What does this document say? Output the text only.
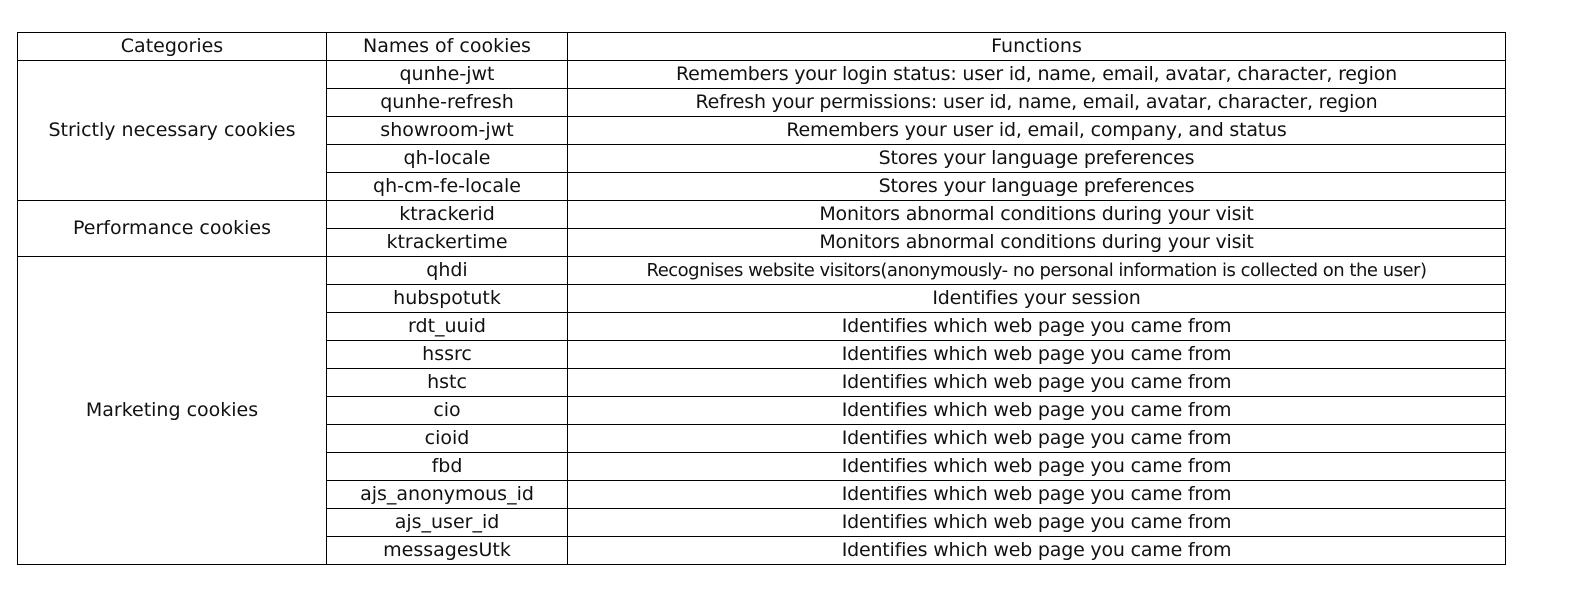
Categories	Names of cookies	Functions
Strictly necessary cookies	qunhe-jwt	Remembers your login status: user id, name, email, avatar, character, region
	qunhe-refresh	Refresh your permissions: user id, name, email, avatar, character, region
	showroom-jwt	Remembers your user id, email, company, and status
	qh-locale	Stores your language preferences
	qh-cm-fe-locale	Stores your language preferences
Performance cookies	ktrackerid	Monitors abnormal conditions during your visit
	ktrackertime	Monitors abnormal conditions during your visit
Marketing cookies	qhdi	Recognises website visitors(anonymously- no personal information is collected on the user)
	hubspotutk	Identifies your session
	rdt_uuid	Identifies which web page you came from
	hssrc	Identifies which web page you came from
	hstc	Identifies which web page you came from
	cio	Identifies which web page you came from
	cioid	Identifies which web page you came from
	fbd	Identifies which web page you came from
	ajs_anonymous_id	Identifies which web page you came from
	ajs_user_id	Identifies which web page you came from
	messagesUtk	Identifies which web page you came from
